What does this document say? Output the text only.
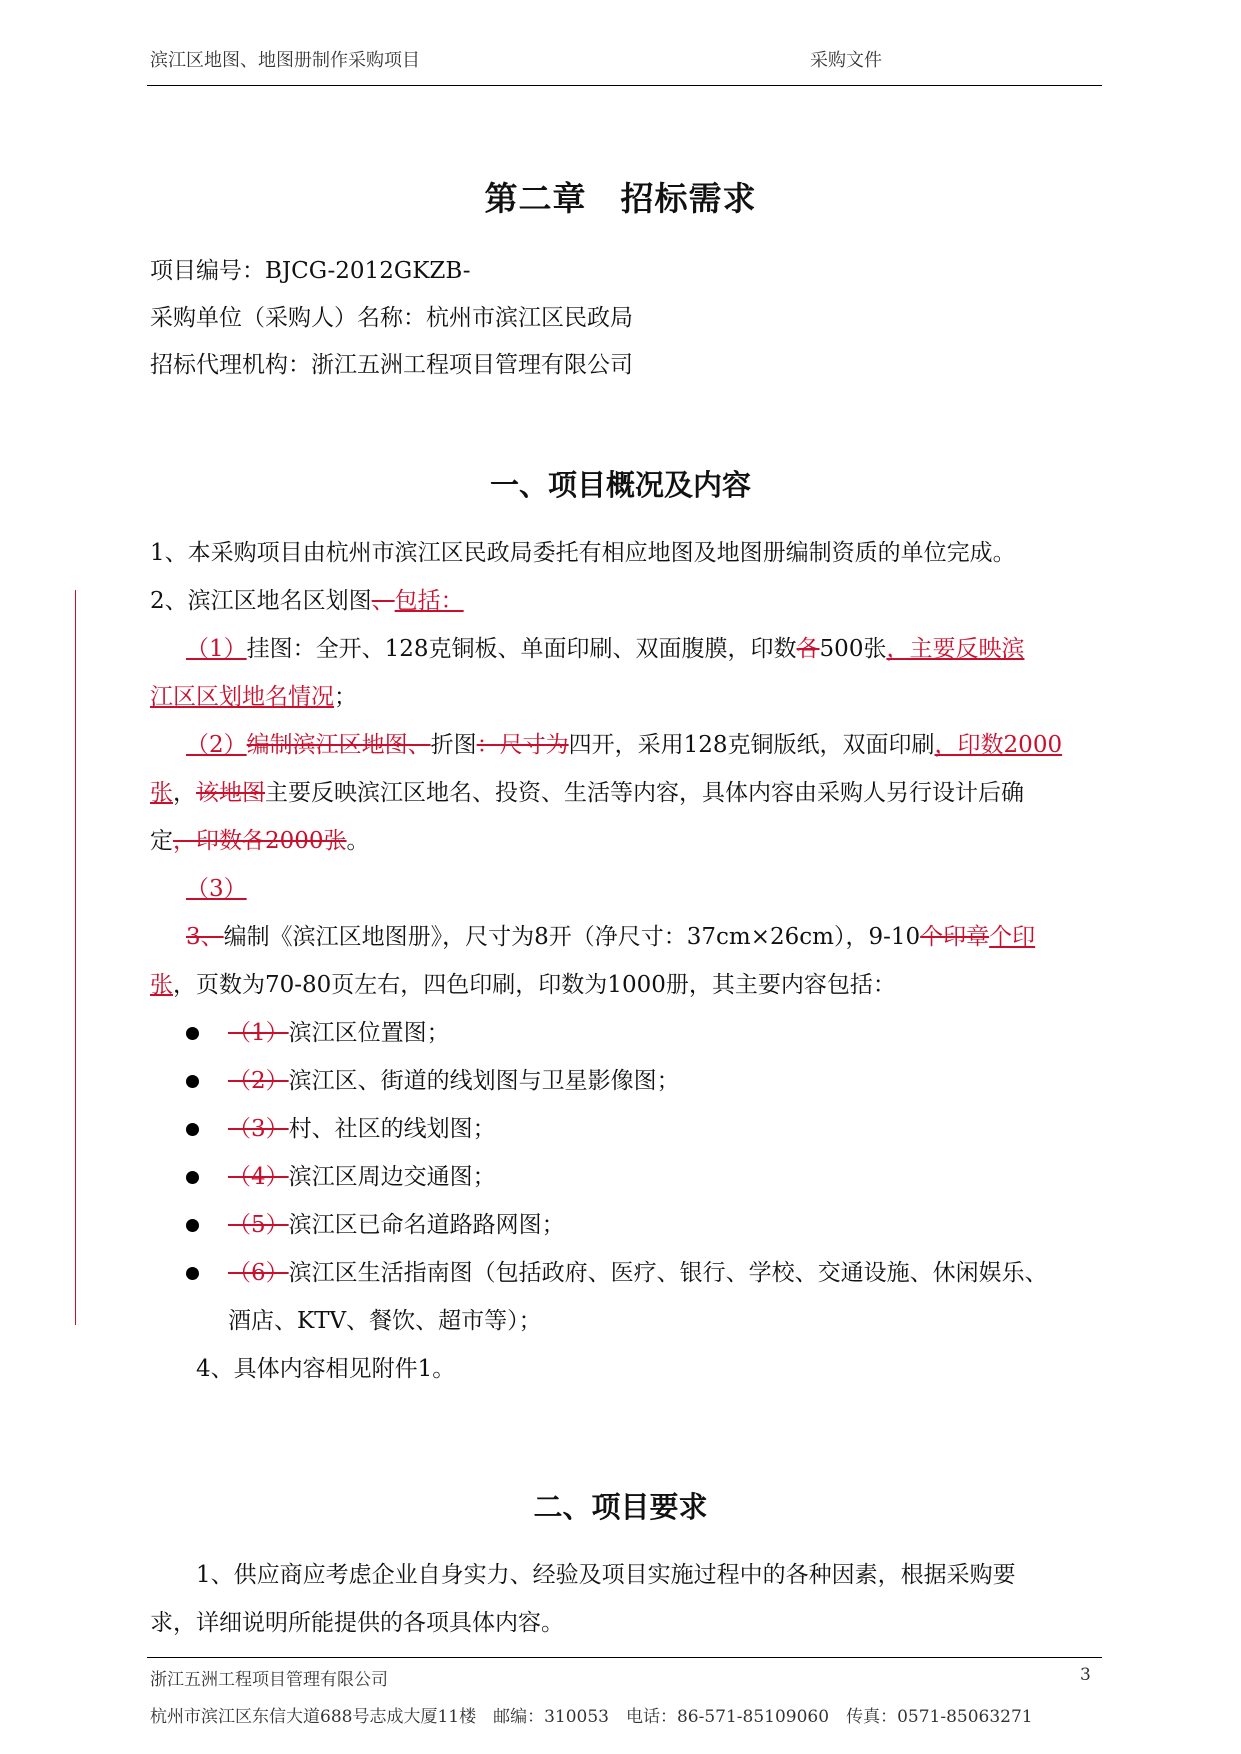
滨江区地图、地图册制作采购项目	采购文件
第二章　招标需求
项目编号：BJCG-2012GKZB-
采购单位（采购人）名称：杭州市滨江区民政局
招标代理机构：浙江五洲工程项目管理有限公司
一、项目概况及内容
1、本采购项目由杭州市滨江区民政局委托有相应地图及地图册编制资质的单位完成。
2、滨江区地名区划图、包括：
（1）挂图：全开、128克铜板、单面印刷、双面腹膜，印数各500张，主要反映滨
江区区划地名情况；
（2）编制滨江区地图、折图：尺寸为四开，采用128克铜版纸，双面印刷，印数2000
张，该地图主要反映滨江区地名、投资、生活等内容，具体内容由采购人另行设计后确
定，印数各2000张。
（3）
3、编制《滨江区地图册》，尺寸为8开（净尺寸：37cm×26cm），9-10个印章个印
张，页数为70-80页左右，四色印刷，印数为1000册，其主要内容包括：
（1）滨江区位置图；
（2）滨江区、街道的线划图与卫星影像图；
（3）村、社区的线划图；
（4）滨江区周边交通图；
（5）滨江区已命名道路路网图；
（6）滨江区生活指南图（包括政府、医疗、银行、学校、交通设施、休闲娱乐、
酒店、KTV、餐饮、超市等）；
4、具体内容相见附件1。
二、项目要求
1、供应商应考虑企业自身实力、经验及项目实施过程中的各种因素，根据采购要
求，详细说明所能提供的各项具体内容。
浙江五洲工程项目管理有限公司	3
杭州市滨江区东信大道688号志成大厦11楼　邮编：310053　电话：86-571-85109060　传真：0571-85063271
